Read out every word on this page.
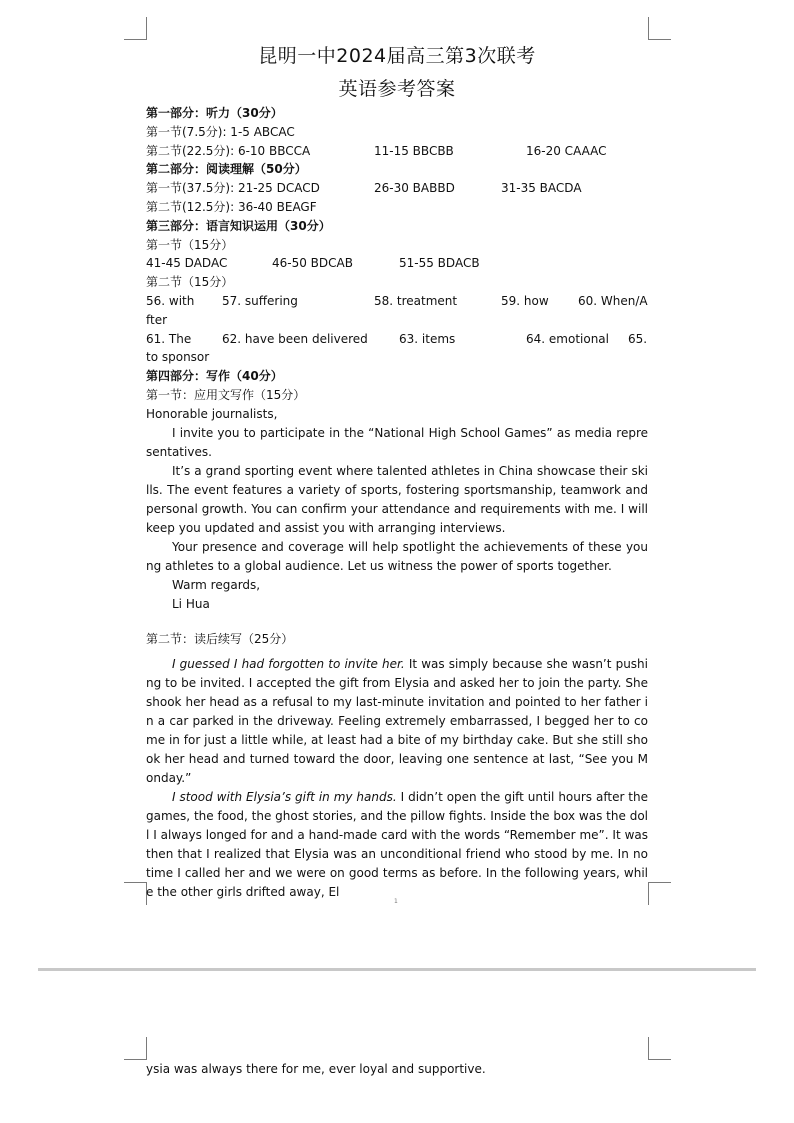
昆明一中2024届高三第3次联考
英语参考答案
第一部分：听力（30分）
第一节(7.5分): 1-5 ABCAC
第二节(22.5分): 6-10 BBCCA	11-15 BBCBB	16-20 CAAAC
第二部分：阅读理解（50分）
第一节(37.5分): 21-25 DCACD	26-30 BABBD	31-35 BACDA
第二节(12.5分): 36-40 BEAGF
第三部分：语言知识运用（30分）
第一节（15分）
41-45 DADAC	46-50 BDCAB	51-55 BDACB
第二节（15分）
56. with 57. suffering	58. treatment	59. how 60. When/A
fter
61. The	62. have been delivered	63. items	64. emotional 65.
to sponsor
第四部分：写作（40分）
第一节：应用文写作（15分）
Honorable journalists,
I invite you to participate in the “National High School Games” as media representatives.
It’s a grand sporting event where talented athletes in China showcase their skills. The event features a variety of sports, fostering sportsmanship, teamwork and personal growth. You can confirm your attendance and requirements with me. I will keep you updated and assist you with arranging interviews.
Your presence and coverage will help spotlight the achievements of these young athletes to a global audience. Let us witness the power of sports together.
Warm regards,
Li Hua
第二节：读后续写（25分）
I guessed I had forgotten to invite her. It was simply because she wasn’t pushing to be invited. I accepted the gift from Elysia and asked her to join the party. She shook her head as a refusal to my last-minute invitation and pointed to her father in a car parked in the driveway. Feeling extremely embarrassed, I begged her to come in for just a little while, at least had a bite of my birthday cake. But she still shook her head and turned toward the door, leaving one sentence at last, “See you Monday.”
I stood with Elysia’s gift in my hands. I didn’t open the gift until hours after the games, the food, the ghost stories, and the pillow fights. Inside the box was the doll I always longed for and a hand-made card with the words “Remember me”. It was then that I realized that Elysia was an unconditional friend who stood by me. In no time I called her and we were on good terms as before. In the following years, while the other girls drifted away, El
1
ysia was always there for me, ever loyal and supportive.
